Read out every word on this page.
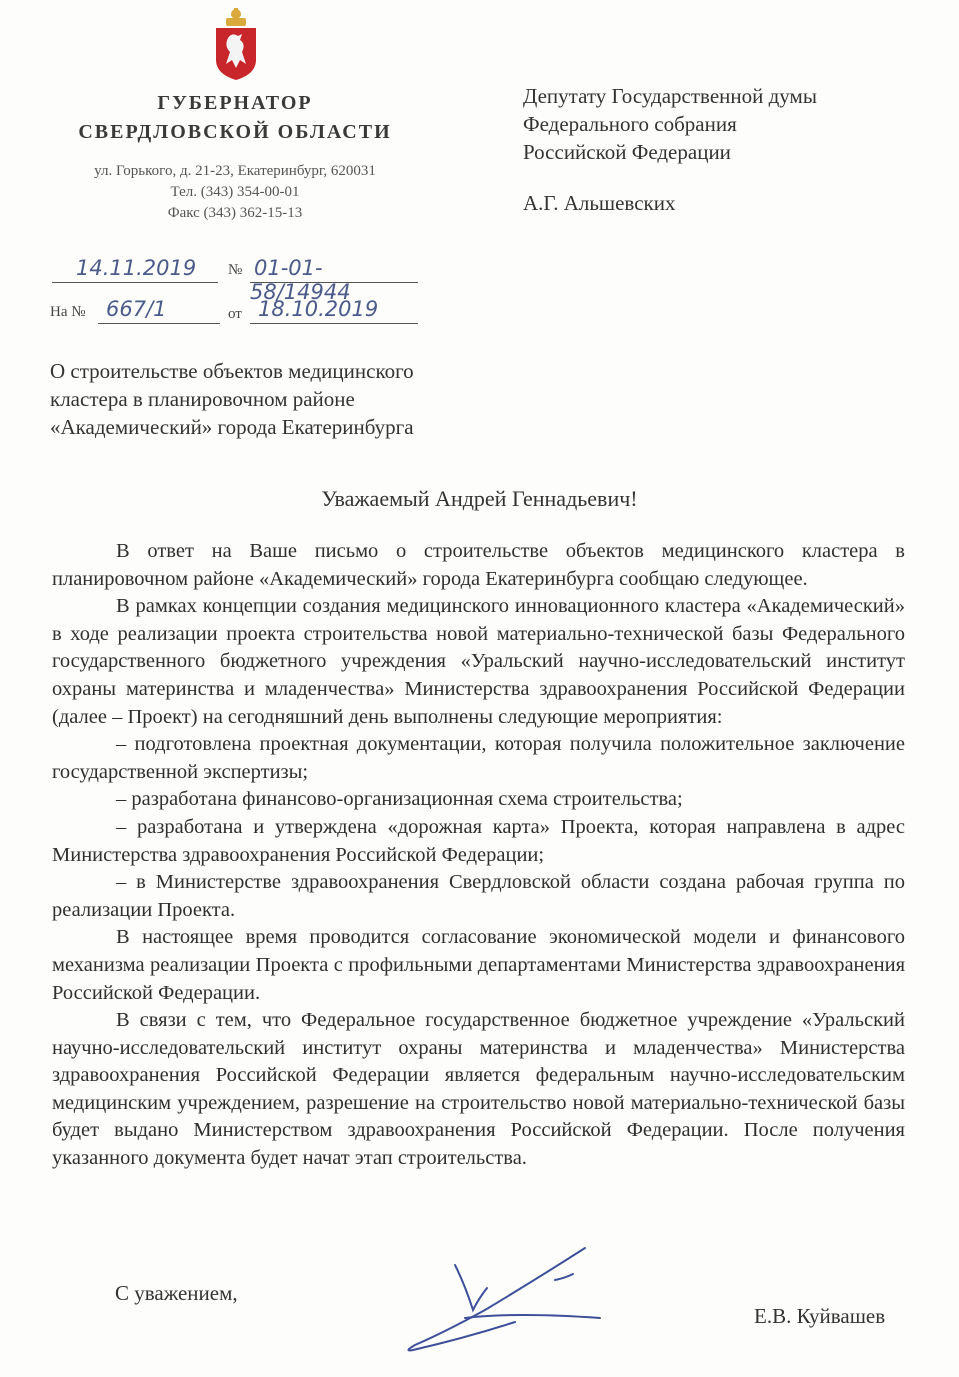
ГУБЕРНАТОР
СВЕРДЛОВСКОЙ ОБЛАСТИ
ул. Горького, д. 21-23, Екатеринбург, 620031
Тел. (343) 354-00-01
Факс (343) 362-15-13
14.11.2019	№ 01-01-58/14944
На № 667/1	от 18.10.2019
Депутату Государственной думы
Федерального собрания
Российской Федерации
А.Г. Альшевских
О строительстве объектов медицинского
кластера в планировочном районе
«Академический» города Екатеринбурга
Уважаемый Андрей Геннадьевич!

В ответ на Ваше письмо о строительстве объектов медицинского кластера в планировочном районе «Академический» города Екатеринбурга сообщаю следующее.

В рамках концепции создания медицинского инновационного кластера «Академический» в ходе реализации проекта строительства новой материально-технической базы Федерального государственного бюджетного учреждения «Уральский научно-исследовательский институт охраны материнства и младенчества» Министерства здравоохранения Российской Федерации (далее – Проект) на сегодняшний день выполнены следующие мероприятия:

– подготовлена проектная документации, которая получила положительное заключение государственной экспертизы;

– разработана финансово-организационная схема строительства;

– разработана и утверждена «дорожная карта» Проекта, которая направлена в адрес Министерства здравоохранения Российской Федерации;

– в Министерстве здравоохранения Свердловской области создана рабочая группа по реализации Проекта.

В настоящее время проводится согласование экономической модели и финансового механизма реализации Проекта с профильными департаментами Министерства здравоохранения Российской Федерации.

В связи с тем, что Федеральное государственное бюджетное учреждение «Уральский научно-исследовательский институт охраны материнства и младенчества» Министерства здравоохранения Российской Федерации является федеральным научно-исследовательским медицинским учреждением, разрешение на строительство новой материально-технической базы будет выдано Министерством здравоохранения Российской Федерации. После получения указанного документа будет начат этап строительства.

С уважением,
Е.В. Куйвашев
